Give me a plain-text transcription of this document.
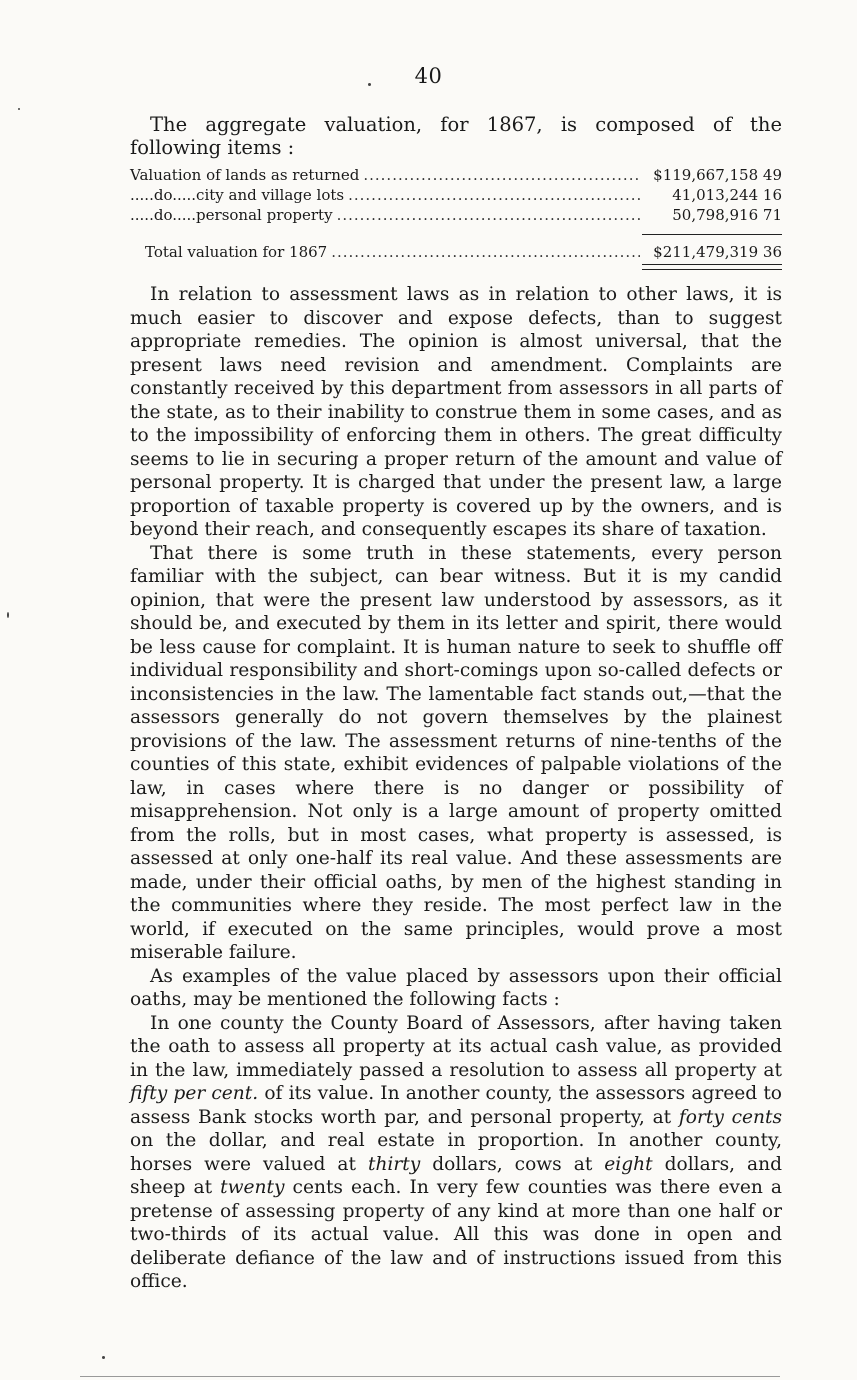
40

The aggregate valuation, for 1867, is composed of the following items :

Valuation of lands as returned .....	$119,667,158 49
.....do.....city and village lots .....	41,013,244 16
.....do.....personal property .....	50,798,916 71
Total valuation for 1867 .....	$211,479,319 36

In relation to assessment laws as in relation to other laws, it is much easier to discover and expose defects, than to suggest appropriate remedies. The opinion is almost universal, that the present laws need revision and amendment. Complaints are constantly received by this department from assessors in all parts of the state, as to their inability to construe them in some cases, and as to the impossibility of enforcing them in others. The great difficulty seems to lie in securing a proper return of the amount and value of personal property. It is charged that under the present law, a large proportion of taxable property is covered up by the owners, and is beyond their reach, and consequently escapes its share of taxation.

That there is some truth in these statements, every person familiar with the subject, can bear witness. But it is my candid opinion, that were the present law understood by assessors, as it should be, and executed by them in its letter and spirit, there would be less cause for complaint. It is human nature to seek to shuffle off individual responsibility and short-comings upon so-called defects or inconsistencies in the law. The lamentable fact stands out,—that the assessors generally do not govern themselves by the plainest provisions of the law. The assessment returns of nine-tenths of the counties of this state, exhibit evidences of palpable violations of the law, in cases where there is no danger or possibility of misapprehension. Not only is a large amount of property omitted from the rolls, but in most cases, what property is assessed, is assessed at only one-half its real value. And these assessments are made, under their official oaths, by men of the highest standing in the communities where they reside. The most perfect law in the world, if executed on the same principles, would prove a most miserable failure.

As examples of the value placed by assessors upon their official oaths, may be mentioned the following facts :

In one county the County Board of Assessors, after having taken the oath to assess all property at its actual cash value, as provided in the law, immediately passed a resolution to assess all property at fifty per cent. of its value. In another county, the assessors agreed to assess Bank stocks worth par, and personal property, at forty cents on the dollar, and real estate in proportion. In another county, horses were valued at thirty dollars, cows at eight dollars, and sheep at twenty cents each. In very few counties was there even a pretense of assessing property of any kind at more than one half or two-thirds of its actual value. All this was done in open and deliberate defiance of the law and of instructions issued from this office.
